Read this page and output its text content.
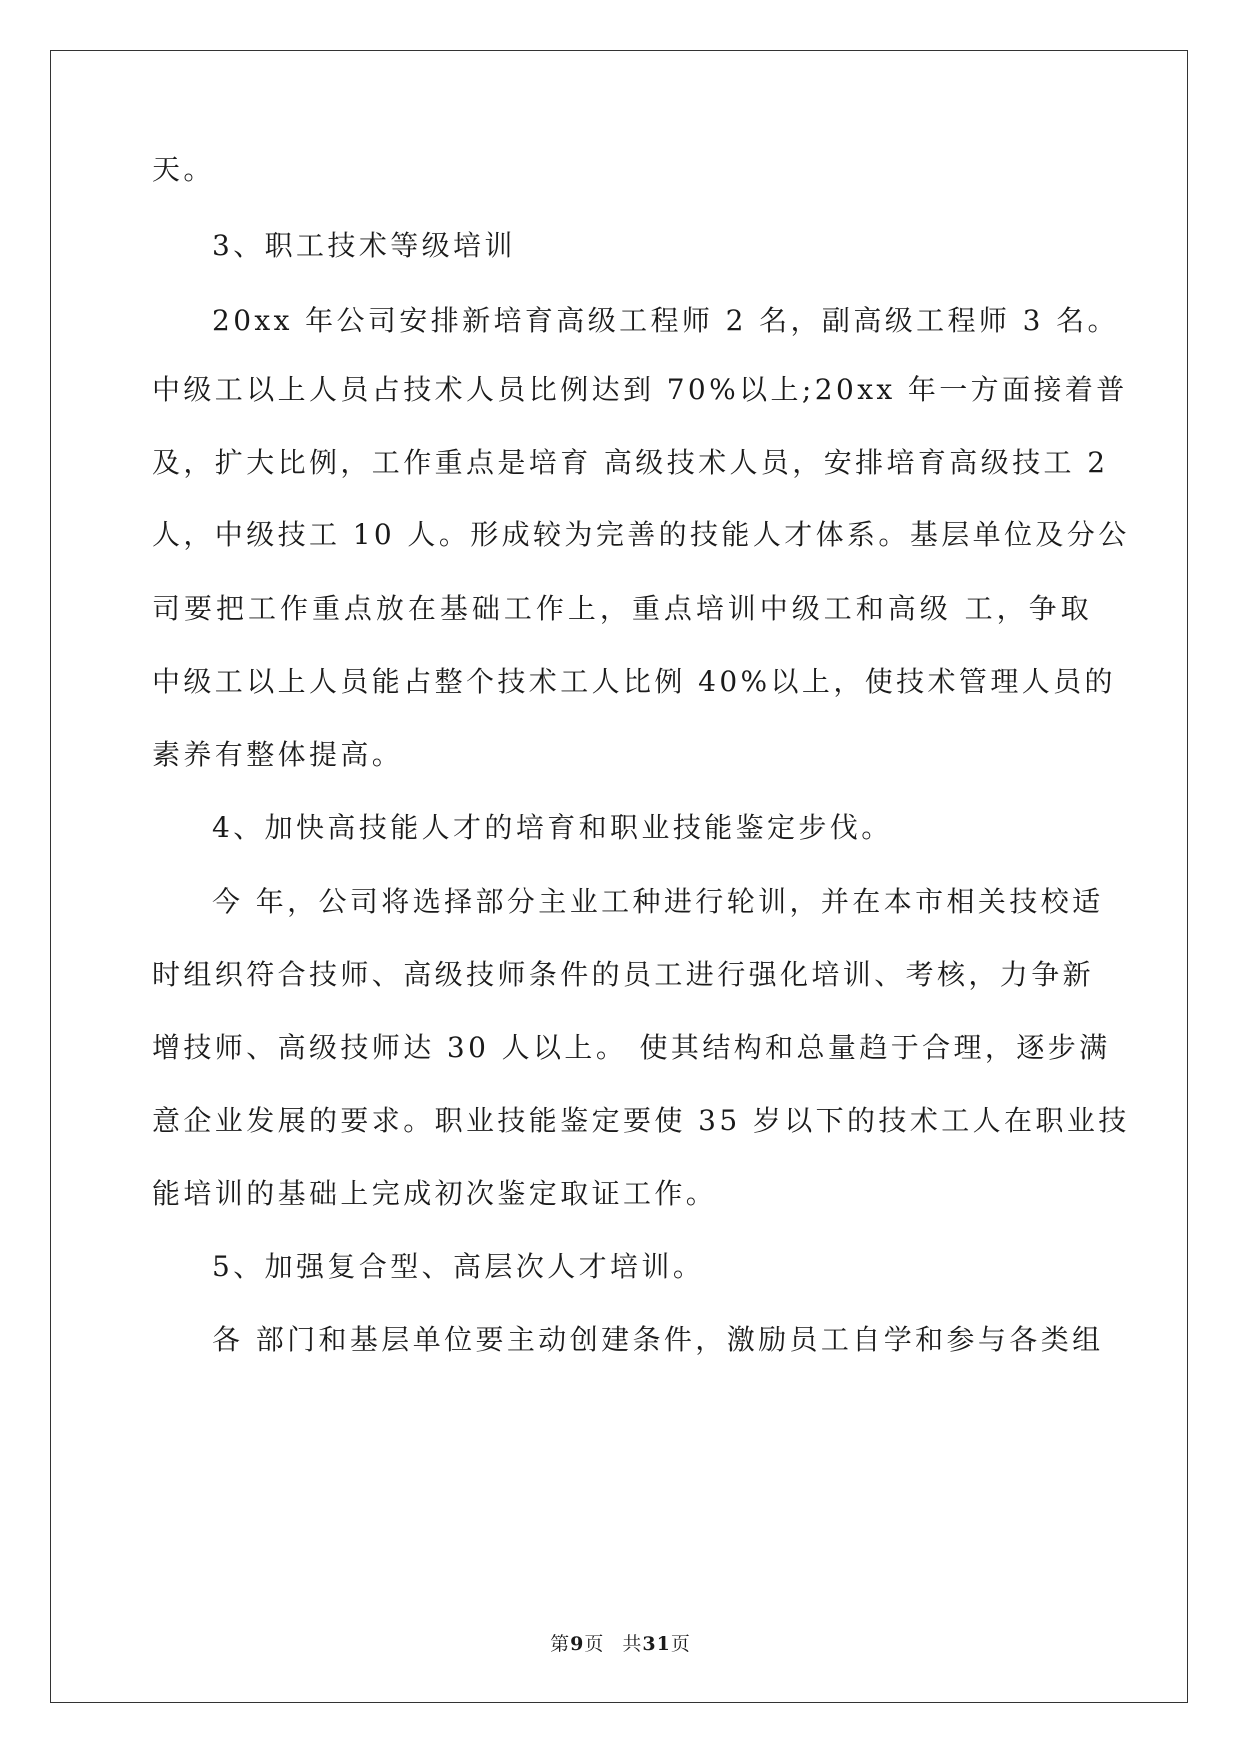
天。
3、职工技术等级培训
20xx 年公司安排新培育高级工程师 2 名，副高级工程师 3 名。
中级工以上人员占技术人员比例达到 70%以上;20xx 年一方面接着普
及，扩大比例，工作重点是培育 高级技术人员，安排培育高级技工 2
人，中级技工 10 人。形成较为完善的技能人才体系。基层单位及分公
司要把工作重点放在基础工作上，重点培训中级工和高级 工，争取
中级工以上人员能占整个技术工人比例 40%以上，使技术管理人员的
素养有整体提高。
4、加快高技能人才的培育和职业技能鉴定步伐。
今 年，公司将选择部分主业工种进行轮训，并在本市相关技校适
时组织符合技师、高级技师条件的员工进行强化培训、考核，力争新
增技师、高级技师达 30 人以上。 使其结构和总量趋于合理，逐步满
意企业发展的要求。职业技能鉴定要使 35 岁以下的技术工人在职业技
能培训的基础上完成初次鉴定取证工作。
5、加强复合型、高层次人才培训。
各 部门和基层单位要主动创建条件，激励员工自学和参与各类组
第9页 共31页
